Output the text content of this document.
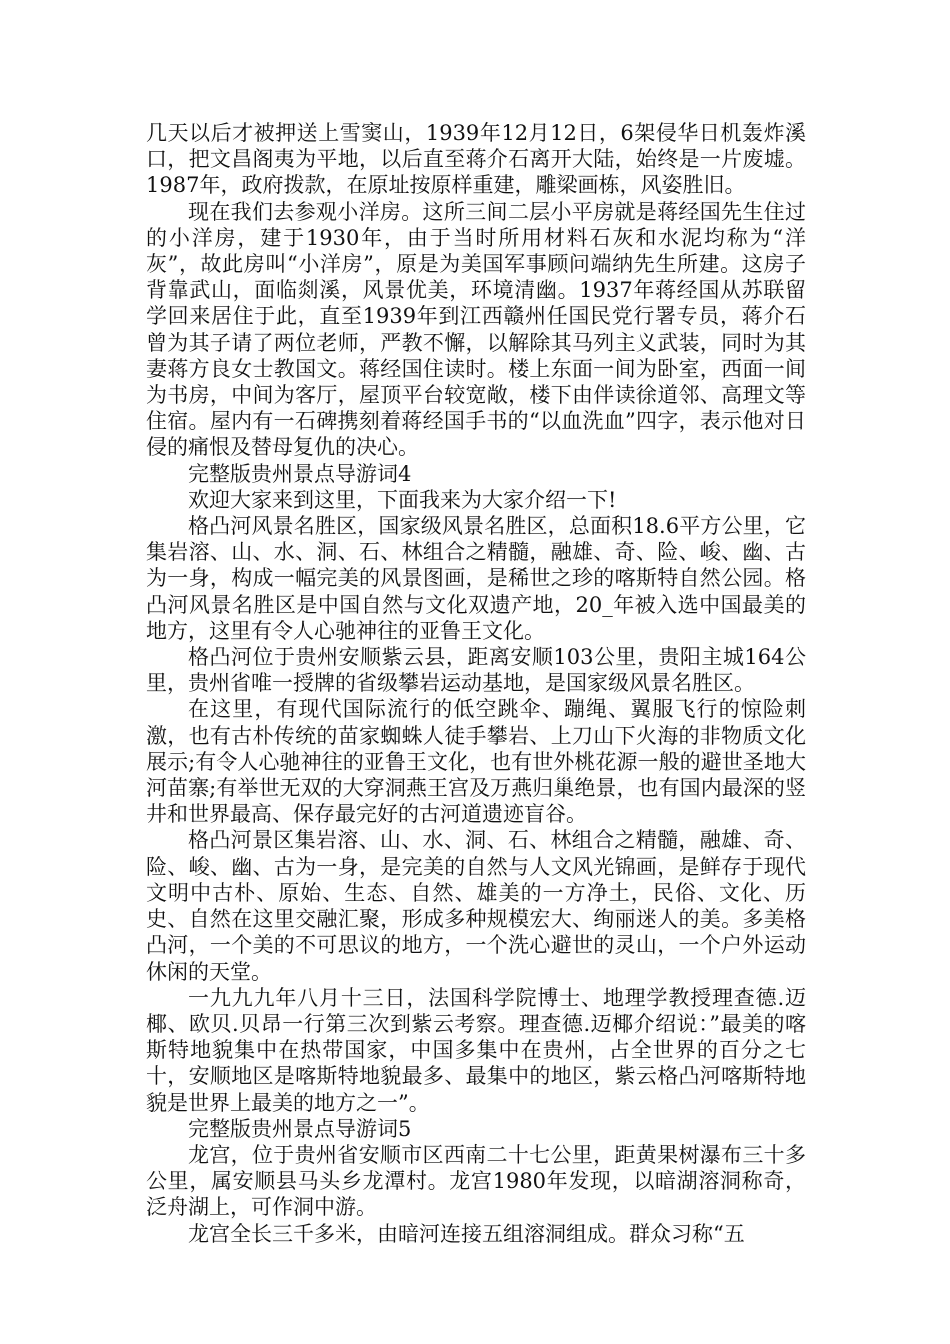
几天以后才被押送上雪窦山，1939年12月12日，6架侵华日机轰炸溪口，把文昌阁夷为平地，以后直至蒋介石离开大陆，始终是一片废墟。1987年，政府拨款，在原址按原样重建，雕梁画栋，风姿胜旧。

现在我们去参观小洋房。这所三间二层小平房就是蒋经国先生住过的小洋房，建于1930年，由于当时所用材料石灰和水泥均称为“洋灰”，故此房叫“小洋房”，原是为美国军事顾问端纳先生所建。这房子背靠武山，面临剡溪，风景优美，环境清幽。1937年蒋经国从苏联留学回来居住于此，直至1939年到江西赣州任国民党行署专员，蒋介石曾为其子请了两位老师，严教不懈，以解除其马列主义武装，同时为其妻蒋方良女士教国文。蒋经国住读时。楼上东面一间为卧室，西面一间为书房，中间为客厅，屋顶平台较宽敞，楼下由伴读徐道邻、高理文等住宿。屋内有一石碑携刻着蒋经国手书的“以血洗血”四字，表示他对日侵的痛恨及替母复仇的决心。

完整版贵州景点导游词4

欢迎大家来到这里，下面我来为大家介绍一下!

格凸河风景名胜区，国家级风景名胜区，总面积18.6平方公里，它集岩溶、山、水、洞、石、林组合之精髓，融雄、奇、险、峻、幽、古为一身，构成一幅完美的风景图画，是稀世之珍的喀斯特自然公园。格凸河风景名胜区是中国自然与文化双遗产地，20_年被入选中国最美的地方，这里有令人心驰神往的亚鲁王文化。

格凸河位于贵州安顺紫云县，距离安顺103公里，贵阳主城164公里，贵州省唯一授牌的省级攀岩运动基地，是国家级风景名胜区。

在这里，有现代国际流行的低空跳伞、蹦绳、翼服飞行的惊险刺激，也有古朴传统的苗家蜘蛛人徒手攀岩、上刀山下火海的非物质文化展示;有令人心驰神往的亚鲁王文化，也有世外桃花源一般的避世圣地大河苗寨;有举世无双的大穿洞燕王宫及万燕归巢绝景，也有国内最深的竖井和世界最高、保存最完好的古河道遗迹盲谷。

格凸河景区集岩溶、山、水、洞、石、林组合之精髓，融雄、奇、险、峻、幽、古为一身，是完美的自然与人文风光锦画，是鲜存于现代文明中古朴、原始、生态、自然、雄美的一方净土，民俗、文化、历史、自然在这里交融汇聚，形成多种规模宏大、绚丽迷人的美。多美格凸河，一个美的不可思议的地方，一个洗心避世的灵山，一个户外运动休闲的天堂。

一九九九年八月十三日，法国科学院博士、地理学教授理查德.迈椰、欧贝.贝昂一行第三次到紫云考察。理查德.迈椰介绍说：”最美的喀斯特地貌集中在热带国家，中国多集中在贵州，占全世界的百分之七十，安顺地区是喀斯特地貌最多、最集中的地区，紫云格凸河喀斯特地貌是世界上最美的地方之一”。

完整版贵州景点导游词5

龙宫，位于贵州省安顺市区西南二十七公里，距黄果树瀑布三十多公里，属安顺县马头乡龙潭村。龙宫1980年发现，以暗湖溶洞称奇，泛舟湖上，可作洞中游。

龙宫全长三千多米，由暗河连接五组溶洞组成。群众习称“五
